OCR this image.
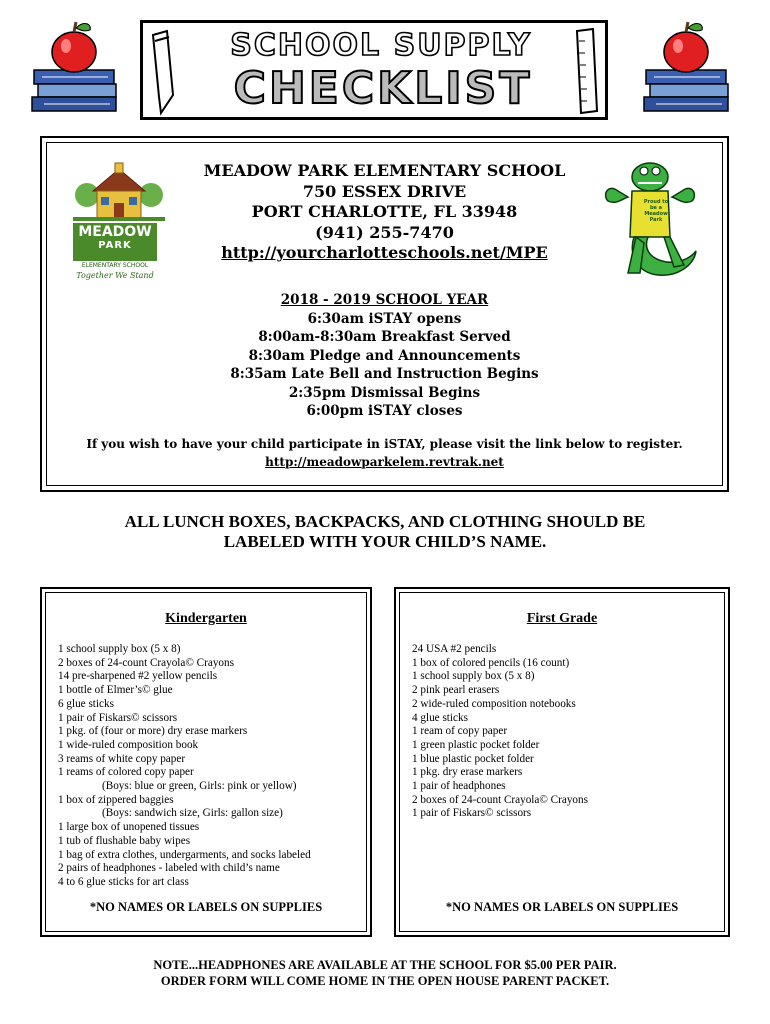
SCHOOL SUPPLY
CHECKLIST
MEADOW
PARK
ELEMENTARY SCHOOL
Together We Stand
Proud to be a Meadow Park
MEADOW PARK ELEMENTARY SCHOOL
750 ESSEX DRIVE
PORT CHARLOTTE, FL 33948
(941) 255-7470
http://yourcharlotteschools.net/MPE
2018 - 2019 SCHOOL YEAR
6:30am iSTAY opens
8:00am-8:30am Breakfast Served
8:30am Pledge and Announcements
8:35am Late Bell and Instruction Begins
2:35pm Dismissal Begins
6:00pm iSTAY closes
If you wish to have your child participate in iSTAY, please visit the link below to register.
http://meadowparkelem.revtrak.net
ALL LUNCH BOXES, BACKPACKS, AND CLOTHING SHOULD BE
LABELED WITH YOUR CHILD’S NAME.
Kindergarten
1 school supply box (5 x 8)
2 boxes of 24-count Crayola© Crayons
14 pre-sharpened #2 yellow pencils
1 bottle of Elmer’s© glue
6 glue sticks
1 pair of Fiskars© scissors
1 pkg. of (four or more) dry erase markers
1 wide-ruled composition book
3 reams of white copy paper
1 reams of colored copy paper
(Boys: blue or green, Girls: pink or yellow)
1 box of zippered baggies
(Boys: sandwich size, Girls: gallon size)
1 large box of unopened tissues
1 tub of flushable baby wipes
1 bag of extra clothes, undergarments, and socks labeled
2 pairs of headphones - labeled with child’s name
4 to 6 glue sticks for art class
*NO NAMES OR LABELS ON SUPPLIES
First Grade
24 USA #2 pencils
1 box of colored pencils (16 count)
1 school supply box (5 x 8)
2 pink pearl erasers
2 wide-ruled composition notebooks
4 glue sticks
1 ream of copy paper
1 green plastic pocket folder
1 blue plastic pocket folder
1 pkg. dry erase markers
1 pair of headphones
2 boxes of 24-count Crayola© Crayons
1 pair of Fiskars© scissors
*NO NAMES OR LABELS ON SUPPLIES
NOTE...HEADPHONES ARE AVAILABLE AT THE SCHOOL FOR $5.00 PER PAIR.
ORDER FORM WILL COME HOME IN THE OPEN HOUSE PARENT PACKET.
